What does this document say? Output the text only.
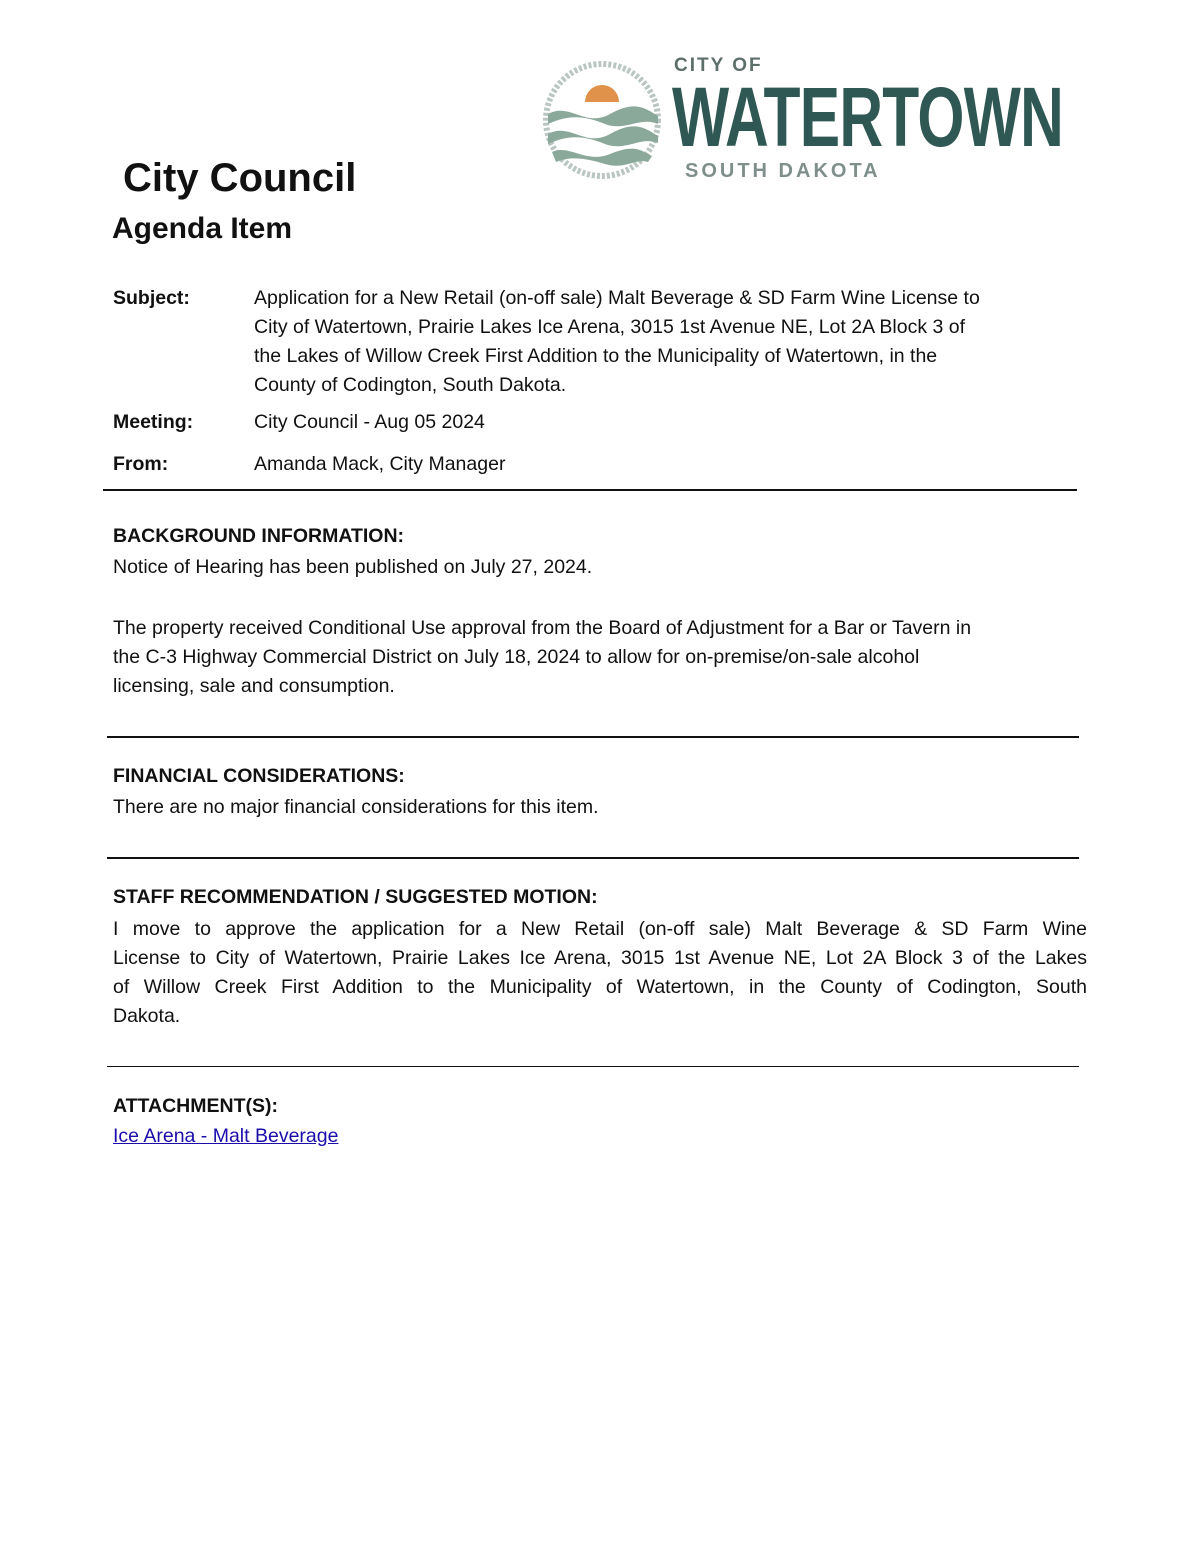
CITY OF
WATERTOWN
SOUTH DAKOTA
City Council
Agenda Item
Subject:	Application for a New Retail (on-off sale) Malt Beverage & SD Farm Wine License to
City of Watertown, Prairie Lakes Ice Arena, 3015 1st Avenue NE, Lot 2A Block 3 of
the Lakes of Willow Creek First Addition to the Municipality of Watertown, in the
County of Codington, South Dakota.
Meeting:	City Council - Aug 05 2024
From:	Amanda Mack, City Manager
BACKGROUND INFORMATION:
Notice of Hearing has been published on July 27, 2024.
The property received Conditional Use approval from the Board of Adjustment for a Bar or Tavern in
the C-3 Highway Commercial District on July 18, 2024 to allow for on-premise/on-sale alcohol
licensing, sale and consumption.
FINANCIAL CONSIDERATIONS:
There are no major financial considerations for this item.
STAFF RECOMMENDATION / SUGGESTED MOTION:
I move to approve the application for a New Retail (on-off sale) Malt Beverage & SD Farm Wine
License to City of Watertown, Prairie Lakes Ice Arena, 3015 1st Avenue NE, Lot 2A Block 3 of the Lakes
of Willow Creek First Addition to the Municipality of Watertown, in the County of Codington, South
Dakota.
ATTACHMENT(S):
Ice Arena - Malt Beverage
